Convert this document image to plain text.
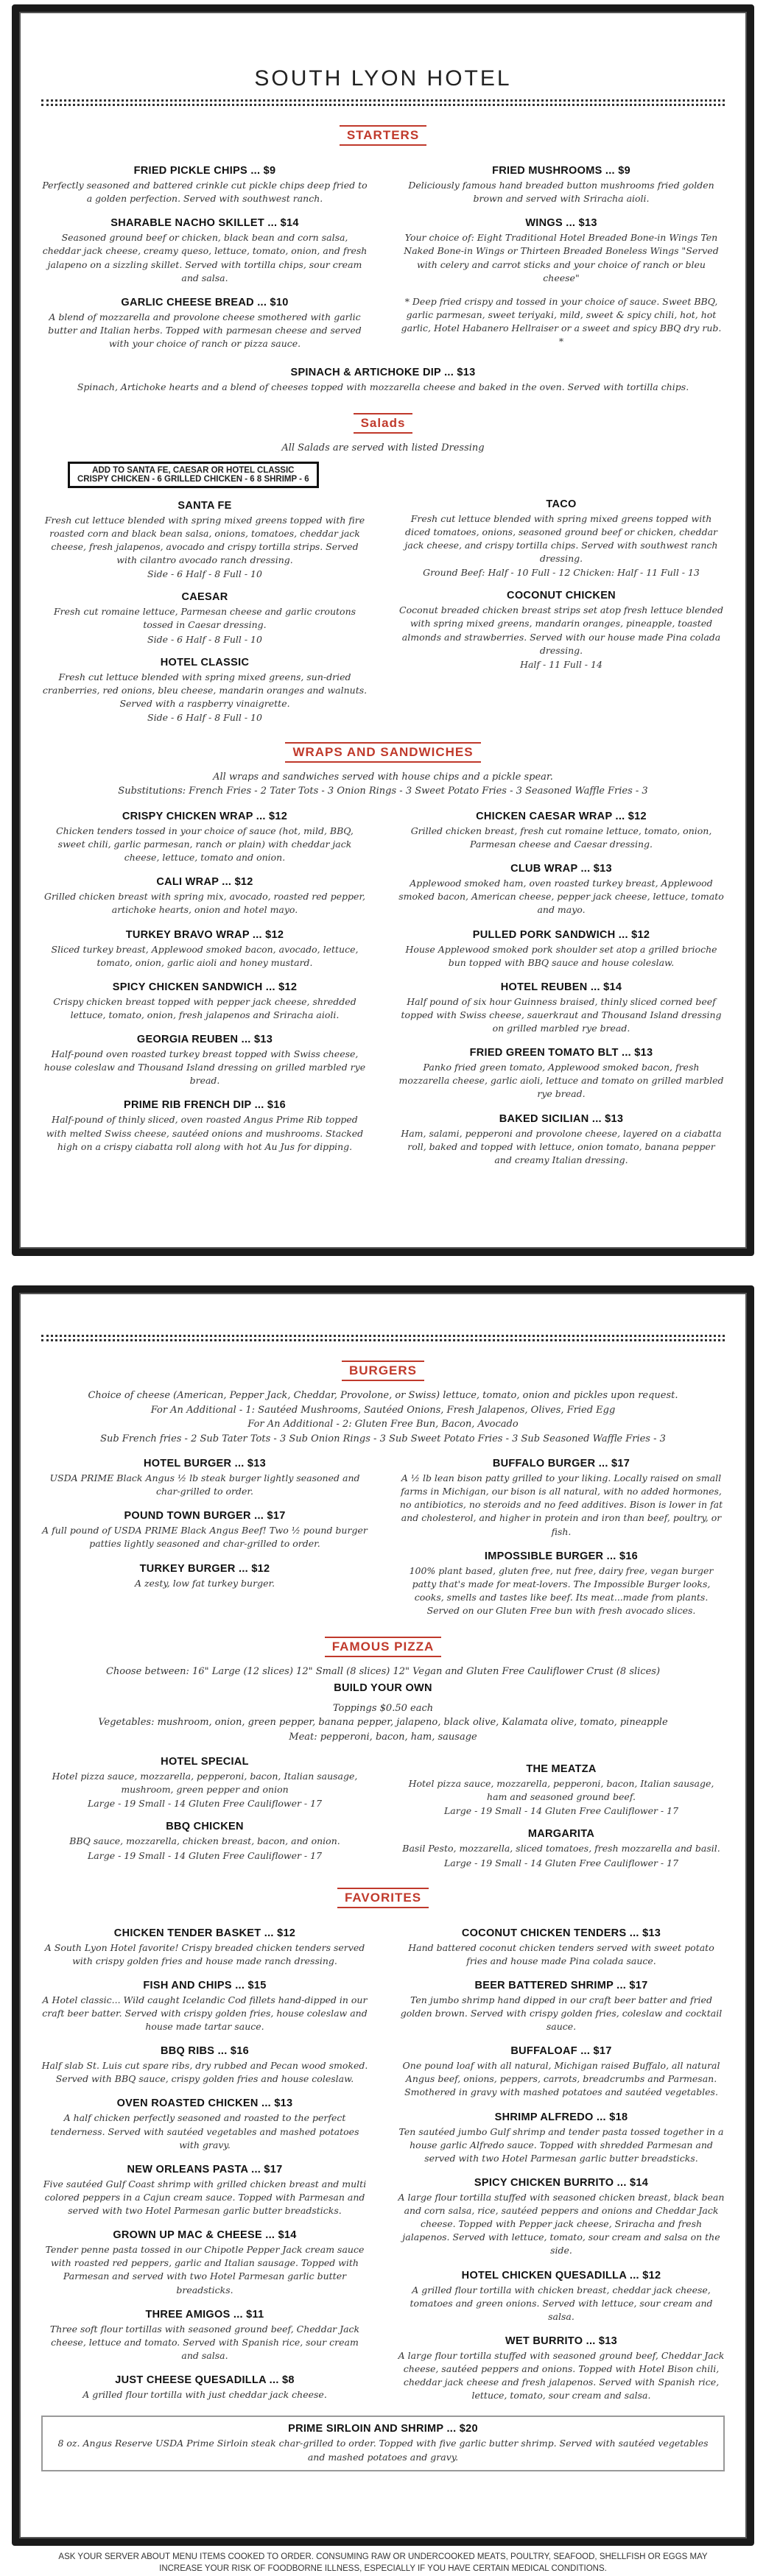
SOUTH LYON HOTEL
STARTERS
FRIED PICKLE CHIPS ... $9
Perfectly seasoned and battered crinkle cut pickle chips deep fried to a golden perfection. Served with southwest ranch.
SHARABLE NACHO SKILLET ... $14
Seasoned ground beef or chicken, black bean and corn salsa, cheddar jack cheese, creamy queso, lettuce, tomato, onion, and fresh jalapeno on a sizzling skillet. Served with tortilla chips, sour cream and salsa.
GARLIC CHEESE BREAD ... $10
A blend of mozzarella and provolone cheese smothered with garlic butter and Italian herbs. Topped with parmesan cheese and served with your choice of ranch or pizza sauce.
FRIED MUSHROOMS ... $9
Deliciously famous hand breaded button mushrooms fried golden brown and served with Sriracha aioli.
WINGS ... $13
Your choice of: Eight Traditional Hotel Breaded Bone-in Wings Ten Naked Bone-in Wings or Thirteen Breaded Boneless Wings "Served with celery and carrot sticks and your choice of ranch or bleu cheese"
* Deep fried crispy and tossed in your choice of sauce. Sweet BBQ, garlic parmesan, sweet teriyaki, mild, sweet & spicy chili, hot, hot garlic, Hotel Habanero Hellraiser or a sweet and spicy BBQ dry rub. *
SPINACH & ARTICHOKE DIP ... $13
Spinach, Artichoke hearts and a blend of cheeses topped with mozzarella cheese and baked in the oven. Served with tortilla chips.
Salads
All Salads are served with listed Dressing
ADD TO SANTA FE, CAESAR OR HOTEL CLASSIC
CRISPY CHICKEN - 6 GRILLED CHICKEN - 6 8 SHRIMP - 6
SANTA FE
Fresh cut lettuce blended with spring mixed greens topped with fire roasted corn and black bean salsa, onions, tomatoes, cheddar jack cheese, fresh jalapenos, avocado and crispy tortilla strips. Served with cilantro avocado ranch dressing.
Side - 6 Half - 8 Full - 10
CAESAR
Fresh cut romaine lettuce, Parmesan cheese and garlic croutons tossed in Caesar dressing.
Side - 6 Half - 8 Full - 10
HOTEL CLASSIC
Fresh cut lettuce blended with spring mixed greens, sun-dried cranberries, red onions, bleu cheese, mandarin oranges and walnuts. Served with a raspberry vinaigrette.
Side - 6 Half - 8 Full - 10
TACO
Fresh cut lettuce blended with spring mixed greens topped with diced tomatoes, onions, seasoned ground beef or chicken, cheddar jack cheese, and crispy tortilla chips. Served with southwest ranch dressing.
Ground Beef: Half - 10 Full - 12 Chicken: Half - 11 Full - 13
COCONUT CHICKEN
Coconut breaded chicken breast strips set atop fresh lettuce blended with spring mixed greens, mandarin oranges, pineapple, toasted almonds and strawberries. Served with our house made Pina colada dressing.
Half - 11 Full - 14
WRAPS AND SANDWICHES
All wraps and sandwiches served with house chips and a pickle spear.
Substitutions: French Fries - 2 Tater Tots - 3 Onion Rings - 3 Sweet Potato Fries - 3 Seasoned Waffle Fries - 3
CRISPY CHICKEN WRAP ... $12
Chicken tenders tossed in your choice of sauce (hot, mild, BBQ, sweet chili, garlic parmesan, ranch or plain) with cheddar jack cheese, lettuce, tomato and onion.
CALI WRAP ... $12
Grilled chicken breast with spring mix, avocado, roasted red pepper, artichoke hearts, onion and hotel mayo.
TURKEY BRAVO WRAP ... $12
Sliced turkey breast, Applewood smoked bacon, avocado, lettuce, tomato, onion, garlic aioli and honey mustard.
SPICY CHICKEN SANDWICH ... $12
Crispy chicken breast topped with pepper jack cheese, shredded lettuce, tomato, onion, fresh jalapenos and Sriracha aioli.
GEORGIA REUBEN ... $13
Half-pound oven roasted turkey breast topped with Swiss cheese, house coleslaw and Thousand Island dressing on grilled marbled rye bread.
PRIME RIB FRENCH DIP ... $16
Half-pound of thinly sliced, oven roasted Angus Prime Rib topped with melted Swiss cheese, sautéed onions and mushrooms. Stacked high on a crispy ciabatta roll along with hot Au Jus for dipping.
CHICKEN CAESAR WRAP ... $12
Grilled chicken breast, fresh cut romaine lettuce, tomato, onion, Parmesan cheese and Caesar dressing.
CLUB WRAP ... $13
Applewood smoked ham, oven roasted turkey breast, Applewood smoked bacon, American cheese, pepper jack cheese, lettuce, tomato and mayo.
PULLED PORK SANDWICH ... $12
House Applewood smoked pork shoulder set atop a grilled brioche bun topped with BBQ sauce and house coleslaw.
HOTEL REUBEN ... $14
Half pound of six hour Guinness braised, thinly sliced corned beef topped with Swiss cheese, sauerkraut and Thousand Island dressing on grilled marbled rye bread.
FRIED GREEN TOMATO BLT ... $13
Panko fried green tomato, Applewood smoked bacon, fresh mozzarella cheese, garlic aioli, lettuce and tomato on grilled marbled rye bread.
BAKED SICILIAN ... $13
Ham, salami, pepperoni and provolone cheese, layered on a ciabatta roll, baked and topped with lettuce, onion tomato, banana pepper and creamy Italian dressing.
BURGERS
Choice of cheese (American, Pepper Jack, Cheddar, Provolone, or Swiss) lettuce, tomato, onion and pickles upon request.
For An Additional - 1: Sautéed Mushrooms, Sautéed Onions, Fresh Jalapenos, Olives, Fried Egg
For An Additional - 2: Gluten Free Bun, Bacon, Avocado
Sub French fries - 2 Sub Tater Tots - 3 Sub Onion Rings - 3 Sub Sweet Potato Fries - 3 Sub Seasoned Waffle Fries - 3
HOTEL BURGER ... $13
USDA PRIME Black Angus ½ lb steak burger lightly seasoned and char-grilled to order.
POUND TOWN BURGER ... $17
A full pound of USDA PRIME Black Angus Beef! Two ½ pound burger patties lightly seasoned and char-grilled to order.
TURKEY BURGER ... $12
A zesty, low fat turkey burger.
BUFFALO BURGER ... $17
A ½ lb lean bison patty grilled to your liking. Locally raised on small farms in Michigan, our bison is all natural, with no added hormones, no antibiotics, no steroids and no feed additives. Bison is lower in fat and cholesterol, and higher in protein and iron than beef, poultry, or fish.
IMPOSSIBLE BURGER ... $16
100% plant based, gluten free, nut free, dairy free, vegan burger patty that's made for meat-lovers. The Impossible Burger looks, cooks, smells and tastes like beef. Its meat...made from plants. Served on our Gluten Free bun with fresh avocado slices.
FAMOUS PIZZA
Choose between: 16" Large (12 slices) 12" Small (8 slices) 12" Vegan and Gluten Free Cauliflower Crust (8 slices)
BUILD YOUR OWN
Toppings $0.50 each
Vegetables: mushroom, onion, green pepper, banana pepper, jalapeno, black olive, Kalamata olive, tomato, pineapple
Meat: pepperoni, bacon, ham, sausage
HOTEL SPECIAL
Hotel pizza sauce, mozzarella, pepperoni, bacon, Italian sausage, mushroom, green pepper and onion
Large - 19 Small - 14 Gluten Free Cauliflower - 17
BBQ CHICKEN
BBQ sauce, mozzarella, chicken breast, bacon, and onion.
Large - 19 Small - 14 Gluten Free Cauliflower - 17
THE MEATZA
Hotel pizza sauce, mozzarella, pepperoni, bacon, Italian sausage, ham and seasoned ground beef.
Large - 19 Small - 14 Gluten Free Cauliflower - 17
MARGARITA
Basil Pesto, mozzarella, sliced tomatoes, fresh mozzarella and basil.
Large - 19 Small - 14 Gluten Free Cauliflower - 17
FAVORITES
CHICKEN TENDER BASKET ... $12
A South Lyon Hotel favorite! Crispy breaded chicken tenders served with crispy golden fries and house made ranch dressing.
FISH AND CHIPS ... $15
A Hotel classic... Wild caught Icelandic Cod fillets hand-dipped in our craft beer batter. Served with crispy golden fries, house coleslaw and house made tartar sauce.
BBQ RIBS ... $16
Half slab St. Luis cut spare ribs, dry rubbed and Pecan wood smoked. Served with BBQ sauce, crispy golden fries and house coleslaw.
OVEN ROASTED CHICKEN ... $13
A half chicken perfectly seasoned and roasted to the perfect tenderness. Served with sautéed vegetables and mashed potatoes with gravy.
NEW ORLEANS PASTA ... $17
Five sautéed Gulf Coast shrimp with grilled chicken breast and multi colored peppers in a Cajun cream sauce. Topped with Parmesan and served with two Hotel Parmesan garlic butter breadsticks.
GROWN UP MAC & CHEESE ... $14
Tender penne pasta tossed in our Chipotle Pepper Jack cream sauce with roasted red peppers, garlic and Italian sausage. Topped with Parmesan and served with two Hotel Parmesan garlic butter breadsticks.
THREE AMIGOS ... $11
Three soft flour tortillas with seasoned ground beef, Cheddar Jack cheese, lettuce and tomato. Served with Spanish rice, sour cream and salsa.
JUST CHEESE QUESADILLA ... $8
A grilled flour tortilla with just cheddar jack cheese.
COCONUT CHICKEN TENDERS ... $13
Hand battered coconut chicken tenders served with sweet potato fries and house made Pina colada sauce.
BEER BATTERED SHRIMP ... $17
Ten jumbo shrimp hand dipped in our craft beer batter and fried golden brown. Served with crispy golden fries, coleslaw and cocktail sauce.
BUFFALOAF ... $17
One pound loaf with all natural, Michigan raised Buffalo, all natural Angus beef, onions, peppers, carrots, breadcrumbs and Parmesan. Smothered in gravy with mashed potatoes and sautéed vegetables.
SHRIMP ALFREDO ... $18
Ten sautéed jumbo Gulf shrimp and tender pasta tossed together in a house garlic Alfredo sauce. Topped with shredded Parmesan and served with two Hotel Parmesan garlic butter breadsticks.
SPICY CHICKEN BURRITO ... $14
A large flour tortilla stuffed with seasoned chicken breast, black bean and corn salsa, rice, sautéed peppers and onions and Cheddar Jack cheese. Topped with Pepper jack cheese, Sriracha and fresh jalapenos. Served with lettuce, tomato, sour cream and salsa on the side.
HOTEL CHICKEN QUESADILLA ... $12
A grilled flour tortilla with chicken breast, cheddar jack cheese, tomatoes and green onions. Served with lettuce, sour cream and salsa.
WET BURRITO ... $13
A large flour tortilla stuffed with seasoned ground beef, Cheddar Jack cheese, sautéed peppers and onions. Topped with Hotel Bison chili, cheddar jack cheese and fresh jalapenos. Served with Spanish rice, lettuce, tomato, sour cream and salsa.
PRIME SIRLOIN AND SHRIMP ... $20
8 oz. Angus Reserve USDA Prime Sirloin steak char-grilled to order. Topped with five garlic butter shrimp. Served with sautéed vegetables and mashed potatoes and gravy.
ASK YOUR SERVER ABOUT MENU ITEMS COOKED TO ORDER. CONSUMING RAW OR UNDERCOOKED MEATS, POULTRY, SEAFOOD, SHELLFISH OR EGGS MAY
INCREASE YOUR RISK OF FOODBORNE ILLNESS, ESPECIALLY IF YOU HAVE CERTAIN MEDICAL CONDITIONS.
